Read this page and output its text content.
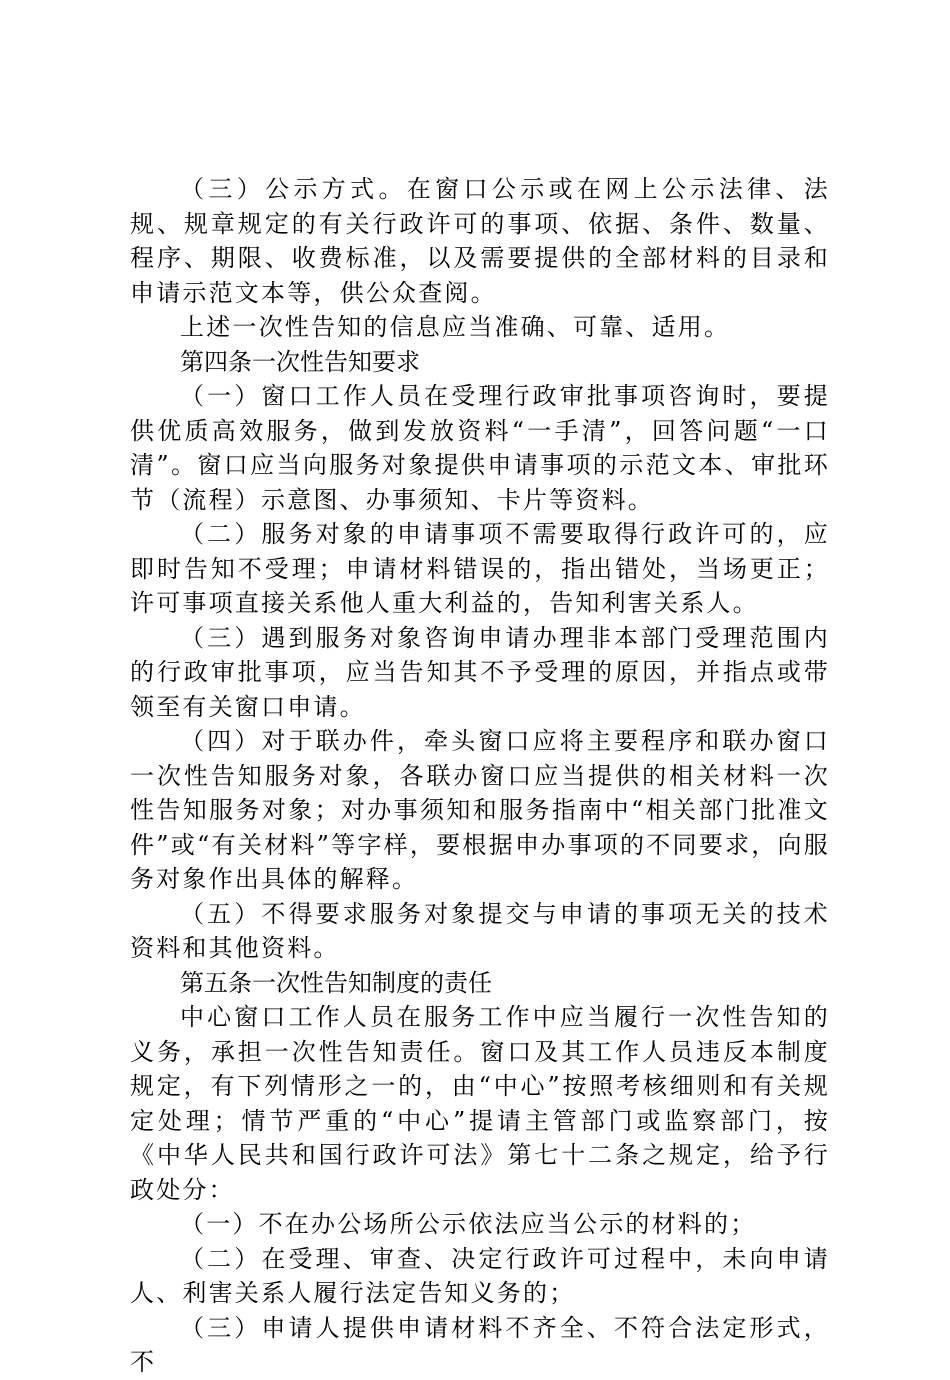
（三）公示方式。在窗口公示或在网上公示法律、法规、规章规定的有关行政许可的事项、依据、条件、数量、程序、期限、收费标准，以及需要提供的全部材料的目录和申请示范文本等，供公众查阅。

上述一次性告知的信息应当准确、可靠、适用。

第四条一次性告知要求

（一）窗口工作人员在受理行政审批事项咨询时，要提供优质高效服务，做到发放资料“一手清”，回答问题“一口清”。窗口应当向服务对象提供申请事项的示范文本、审批环节（流程）示意图、办事须知、卡片等资料。

（二）服务对象的申请事项不需要取得行政许可的，应即时告知不受理；申请材料错误的，指出错处，当场更正；许可事项直接关系他人重大利益的，告知利害关系人。

（三）遇到服务对象咨询申请办理非本部门受理范围内的行政审批事项，应当告知其不予受理的原因，并指点或带领至有关窗口申请。

（四）对于联办件，牵头窗口应将主要程序和联办窗口一次性告知服务对象，各联办窗口应当提供的相关材料一次性告知服务对象；对办事须知和服务指南中“相关部门批准文件”或“有关材料”等字样，要根据申办事项的不同要求，向服务对象作出具体的解释。

（五）不得要求服务对象提交与申请的事项无关的技术资料和其他资料。

第五条一次性告知制度的责任

中心窗口工作人员在服务工作中应当履行一次性告知的义务，承担一次性告知责任。窗口及其工作人员违反本制度规定，有下列情形之一的，由“中心”按照考核细则和有关规定处理；情节严重的“中心”提请主管部门或监察部门，按《中华人民共和国行政许可法》第七十二条之规定，给予行政处分：

（一）不在办公场所公示依法应当公示的材料的；

（二）在受理、审查、决定行政许可过程中，未向申请人、利害关系人履行法定告知义务的；

（三）申请人提供申请材料不齐全、不符合法定形式，不
